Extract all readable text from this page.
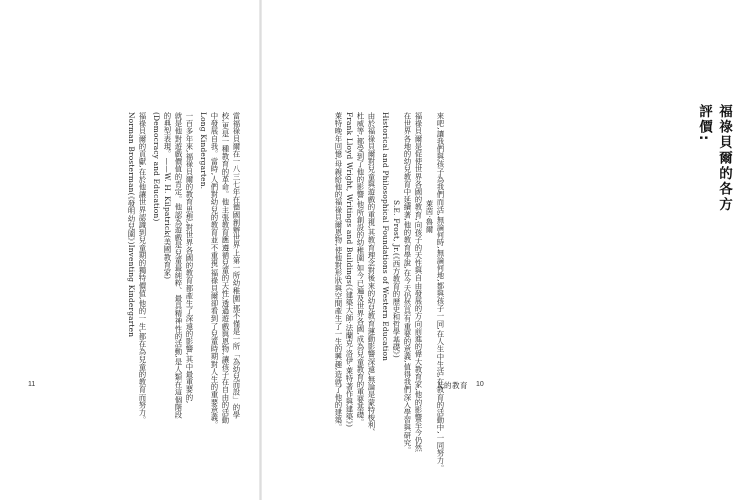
福祿貝爾的各方評價:
來吧,讓我們與孩子為我們而活,無論何時,無論何地,都與孩子一同,在人生中生活,在教育的活動中,一同努力。
萊茵‧魯爾
福祿貝爾是促使世界各國的教育,向孩子的天性與自由發展的方向前進的偉大教育家,他的影響至今仍然
在世界各地的幼兒教育中延續著,他的教育學說,在今天仍然具有重要的意義,值得我們深入學習與研究。
S.E. Frost, Jr.(《西方教育的歷史和哲學基礎》)
Historical and Philosophical Foundations of Western Education
由於福祿貝爾對兒童與遊戲的重視,其教育理念對後來的幼兒教育運動影響深遠,無論是蒙特梭利、
杜威等,都受到了他的影響,他所創設的幼稚園,如今已遍及世界各國,成為兒童教育的重要基礎。
Frank Lloyd Wright, Writings and Buildings(《建築大師·法蘭克·洛伊·萊特著作與建築》)
萊特晚年回憶,母親給他的福祿貝爾恩物,使他對形狀與空間產生了一生的興趣,造就了他的建築。	人的教育 10
當福祿貝爾在一八三七年在德國創辦世界上第一所幼稚園,那不僅是一所「為幼兒而設」的學
校,更是一種教育的革命。他主張教育應遵循兒童的天性,透過遊戲與恩物,讓孩子在自由的活動
中發展自我。當時,人們對幼兒的教育並不重視,福祿貝爾卻看到了兒童時期對人生的重要意義。
Long Kindergarten.
一百多年來,福祿貝爾的教育思想,對世界各國的教育都產生了深遠的影響,其中最重要的,
就是他對遊戲價值的肯定。他認為遊戲是兒童最純粹、最具精神性的活動,是人類在這個階段
的典型表現。——W. H. Kilpatrick(美國教育家)
(Democracy and Education)
福祿貝爾的貢獻,在於他讓世界認識到兒童期的獨特價值,他的一生,都在為兒童的教育而努力。
Norman Brosterman(《發明幼兒園》)Inventing Kindergarten
11
